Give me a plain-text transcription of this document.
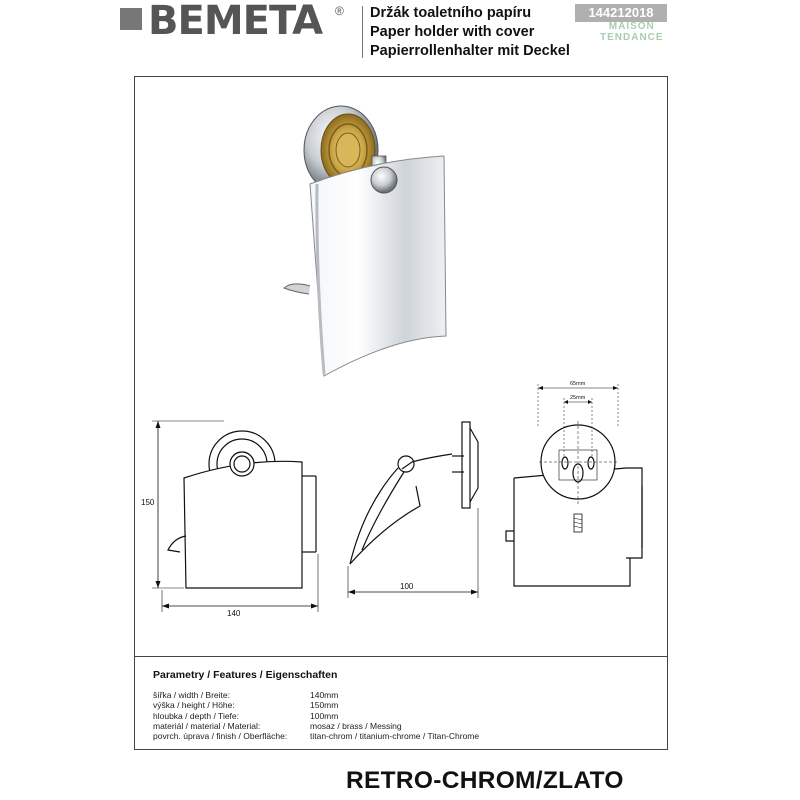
BEMETA ® Držák toaletního papíru
Paper holder with cover
Papierrollenhalter mit Deckel
144212018
MAISON
TENDANCE
150
140
100
65mm
25mm
Parametry / Features / Eigenschaften
šířka / width / Breite:	140mm
výška / height / Höhe:	150mm
hloubka / depth / Tiefe:	100mm
materiál / material / Material:	mosaz / brass / Messing
povrch. úprava / finish / Oberfläche:	titan-chrom / titanium-chrome / Titan-Chrome
RETRO-CHROM/ZLATO
